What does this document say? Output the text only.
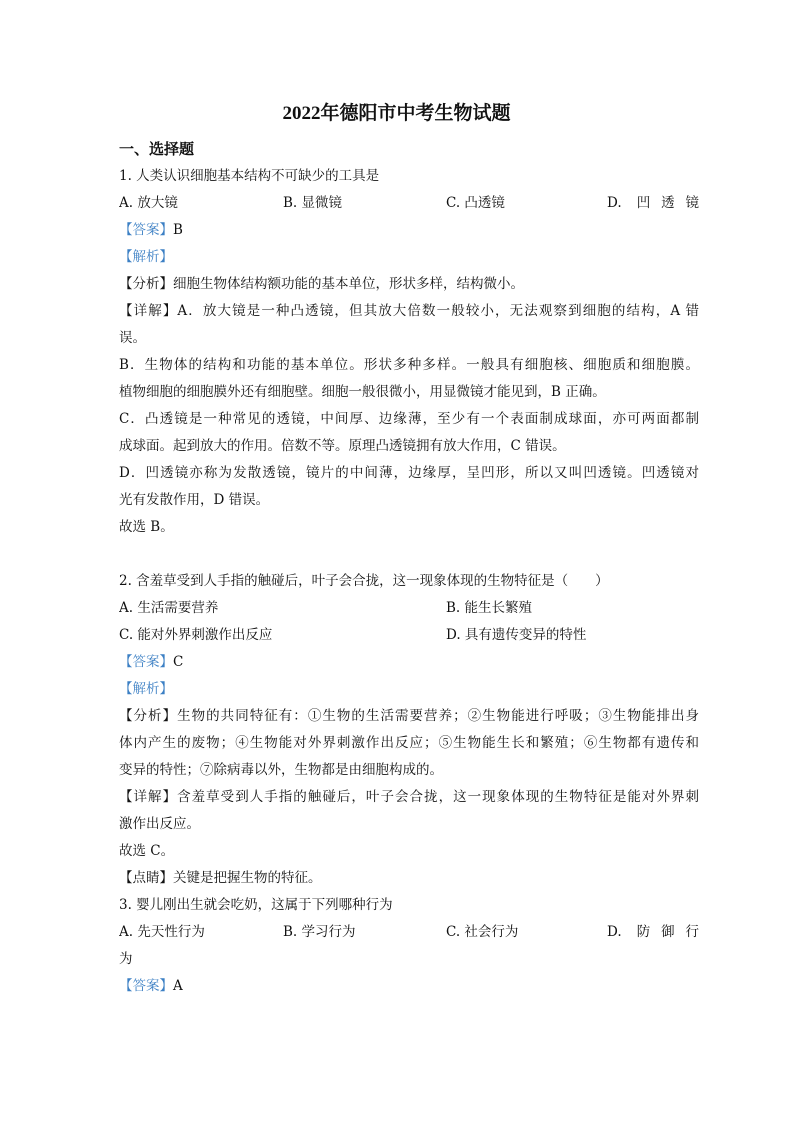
2022年德阳市中考生物试题
一、选择题
1. 人类认识细胞基本结构不可缺少的工具是
A. 放大镜	B. 显微镜	C. 凸透镜	D. 凹透镜
【答案】B
【解析】
【分析】细胞生物体结构额功能的基本单位，形状多样，结构微小。
【详解】A．放大镜是一种凸透镜，但其放大倍数一般较小，无法观察到细胞的结构，A 错
误。
B．生物体的结构和功能的基本单位。形状多种多样。一般具有细胞核、细胞质和细胞膜。
植物细胞的细胞膜外还有细胞壁。细胞一般很微小，用显微镜才能见到，B 正确。
C．凸透镜是一种常见的透镜，中间厚、边缘薄，至少有一个表面制成球面，亦可两面都制
成球面。起到放大的作用。倍数不等。原理凸透镜拥有放大作用，C 错误。
D．凹透镜亦称为发散透镜，镜片的中间薄，边缘厚，呈凹形，所以又叫凹透镜。凹透镜对
光有发散作用，D 错误。
故选 B。
2. 含羞草受到人手指的触碰后，叶子会合拢，这一现象体现的生物特征是（　　）
A. 生活需要营养	B. 能生长繁殖
C. 能对外界刺激作出反应	D. 具有遗传变异的特性
【答案】C
【解析】
【分析】生物的共同特征有：①生物的生活需要营养；②生物能进行呼吸；③生物能排出身
体内产生的废物；④生物能对外界刺激作出反应；⑤生物能生长和繁殖；⑥生物都有遗传和
变异的特性；⑦除病毒以外，生物都是由细胞构成的。
【详解】含羞草受到人手指的触碰后，叶子会合拢，这一现象体现的生物特征是能对外界刺
激作出反应。
故选 C。
【点睛】关键是把握生物的特征。
3. 婴儿刚出生就会吃奶，这属于下列哪种行为
A. 先天性行为	B. 学习行为	C. 社会行为	D. 防御行
为
【答案】A
